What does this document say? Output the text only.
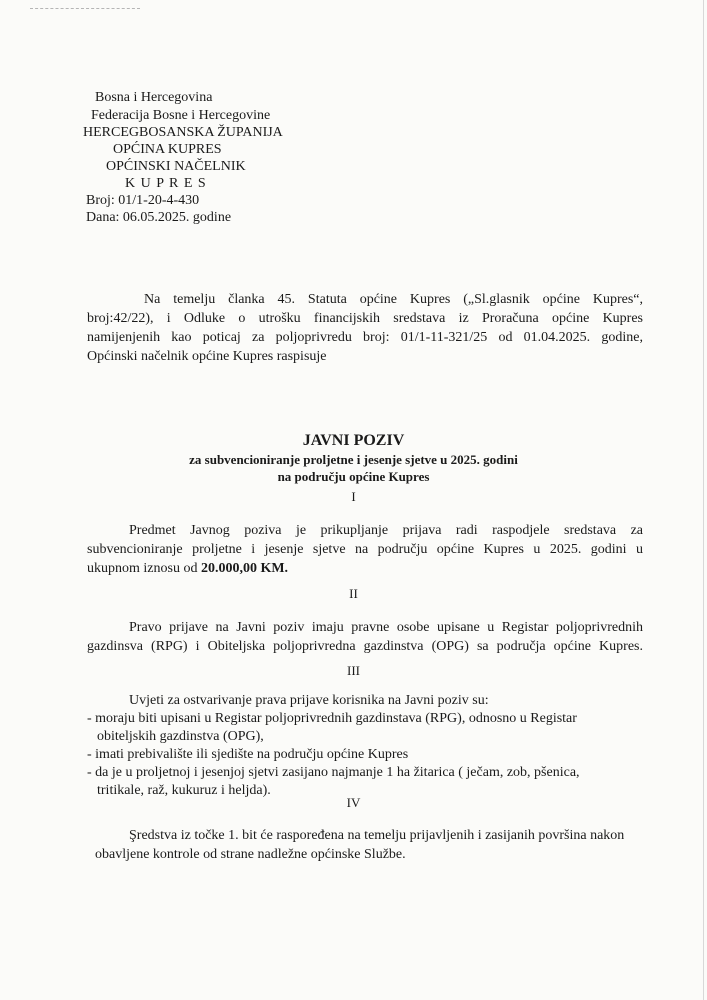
Bosna i Hercegovina
Federacija Bosne i Hercegovine
HERCEGBOSANSKA ŽUPANIJA
OPĆINA KUPRES
OPĆINSKI NAČELNIK
K U P R E S
Broj: 01/1-20-4-430
Dana: 06.05.2025. godine
Na temelju članka 45. Statuta općine Kupres („Sl.glasnik općine Kupres“,
broj:42/22), i Odluke o utrošku financijskih sredstava iz Proračuna općine Kupres
namijenjenih kao poticaj za poljoprivredu broj: 01/1-11-321/25 od 01.04.2025. godine,
Općinski načelnik općine Kupres raspisuje
JAVNI POZIV
za subvencioniranje proljetne i jesenje sjetve u 2025. godini
na području općine Kupres
I
Predmet Javnog poziva je prikupljanje prijava radi raspodjele sredstava za
subvencioniranje proljetne i jesenje sjetve na području općine Kupres u 2025. godini u
ukupnom iznosu od 20.000,00 KM.
II
Pravo prijave na Javni poziv imaju pravne osobe upisane u Registar poljoprivrednih
gazdinsva (RPG) i Obiteljska poljoprivredna gazdinstva (OPG) sa područja općine Kupres.
III
Uvjeti za ostvarivanje prava prijave korisnika na Javni poziv su:
- moraju biti upisani u Registar poljoprivrednih gazdinstava (RPG), odnosno u Registar
obiteljskih gazdinstva (OPG),
- imati prebivalište ili sjedište na području općine Kupres
- da je u proljetnoj i jesenjoj sjetvi zasijano najmanje 1 ha žitarica ( ječam, zob, pšenica,
tritikale, raž, kukuruz i heljda).
IV
Şredstva iz točke 1. bit će raspoređena na temelju prijavljenih i zasijanih površina nakon
obavljene kontrole od strane nadležne općinske Službe.
